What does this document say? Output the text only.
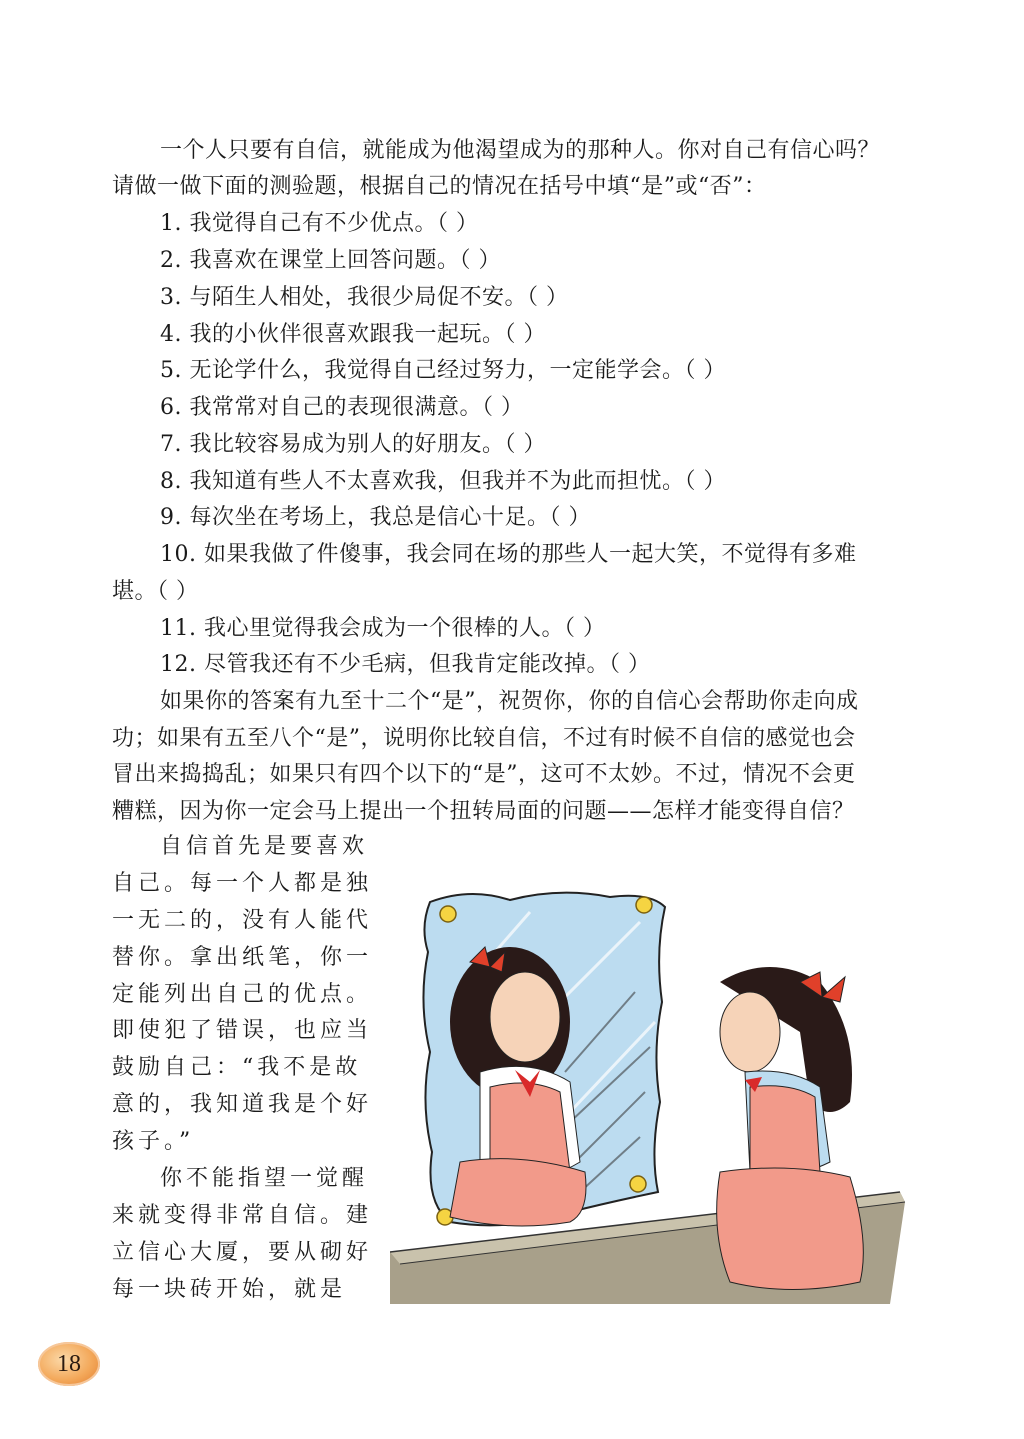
一个人只要有自信，就能成为他渴望成为的那种人。你对自己有信心吗？
请做一做下面的测验题，根据自己的情况在括号中填“是”或“否”：
1. 我觉得自己有不少优点。（ ）
2. 我喜欢在课堂上回答问题。（ ）
3. 与陌生人相处，我很少局促不安。（ ）
4. 我的小伙伴很喜欢跟我一起玩。（ ）
5. 无论学什么，我觉得自己经过努力，一定能学会。（ ）
6. 我常常对自己的表现很满意。（ ）
7. 我比较容易成为别人的好朋友。（ ）
8. 我知道有些人不太喜欢我，但我并不为此而担忧。（ ）
9. 每次坐在考场上，我总是信心十足。（ ）
10. 如果我做了件傻事，我会同在场的那些人一起大笑，不觉得有多难
堪。（ ）
11. 我心里觉得我会成为一个很棒的人。（ ）
12. 尽管我还有不少毛病，但我肯定能改掉。（ ）
如果你的答案有九至十二个“是”，祝贺你，你的自信心会帮助你走向成
功；如果有五至八个“是”，说明你比较自信，不过有时候不自信的感觉也会
冒出来捣捣乱；如果只有四个以下的“是”，这可不太妙。不过，情况不会更
糟糕，因为你一定会马上提出一个扭转局面的问题——怎样才能变得自信？
自信首先是要喜欢
自己。每一个人都是独
一无二的，没有人能代
替你。拿出纸笔，你一
定能列出自己的优点。
即使犯了错误，也应当
鼓励自己：“我不是故
意的，我知道我是个好
孩子。”
你不能指望一觉醒
来就变得非常自信。建
立信心大厦，要从砌好
每一块砖开始，就是
18
